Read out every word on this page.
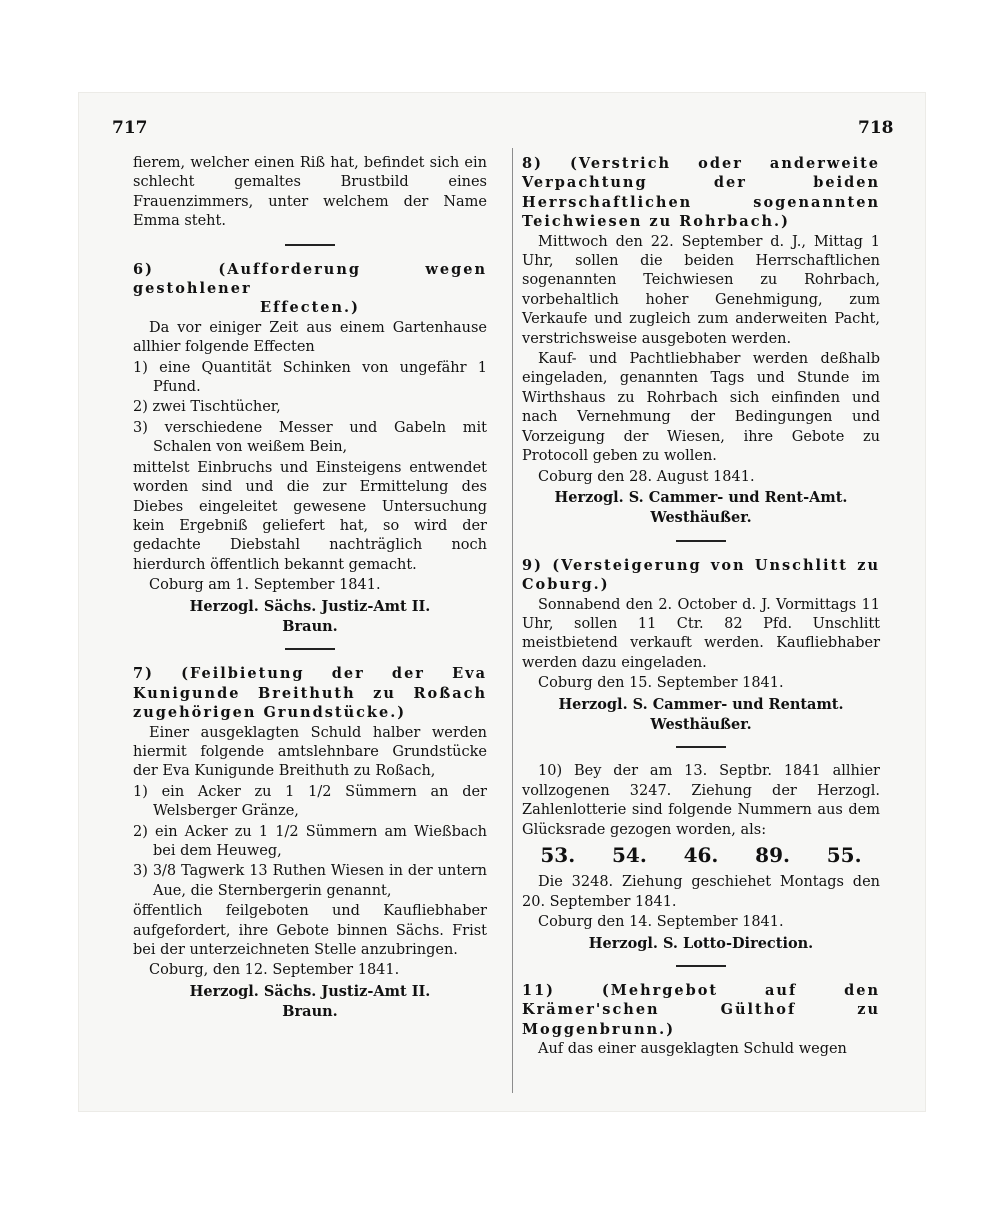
717	718

fierem, welcher einen Riß hat, befindet sich ein schlecht gemaltes Brustbild eines Frauenzimmers, unter welchem der Name Emma steht.

6) (Aufforderung wegen gestohlener
Effecten.)

Da vor einiger Zeit aus einem Gartenhause allhier folgende Effecten

1) eine Quantität Schinken von ungefähr 1 Pfund.

2) zwei Tischtücher,

3) verschiedene Messer und Gabeln mit Schalen von weißem Bein,

mittelst Einbruchs und Einsteigens entwendet worden sind und die zur Ermittelung des Diebes eingeleitet gewesene Untersuchung kein Ergebniß geliefert hat, so wird der gedachte Diebstahl nachträglich noch hierdurch öffentlich bekannt gemacht.

Coburg am 1. September 1841.

Herzogl. Sächs. Justiz-Amt II.

Braun.

7) (Feilbietung der der Eva Kunigunde Breithuth zu Roßach zugehörigen Grundstücke.)

Einer ausgeklagten Schuld halber werden hiermit folgende amtslehnbare Grundstücke der Eva Kunigunde Breithuth zu Roßach,

1) ein Acker zu 1 1/2 Sümmern an der Welsberger Gränze,

2) ein Acker zu 1 1/2 Sümmern am Wießbach bei dem Heuweg,

3) 3/8 Tagwerk 13 Ruthen Wiesen in der untern Aue, die Sternbergerin genannt,

öffentlich feilgeboten und Kaufliebhaber aufgefordert, ihre Gebote binnen Sächs. Frist bei der unterzeichneten Stelle anzubringen.

Coburg, den 12. September 1841.

Herzogl. Sächs. Justiz-Amt II.

Braun.

8) (Verstrich oder anderweite Verpachtung der beiden Herrschaftlichen sogenannten Teichwiesen zu Rohrbach.)

Mittwoch den 22. September d. J., Mittag 1 Uhr, sollen die beiden Herrschaftlichen sogenannten Teichwiesen zu Rohrbach, vorbehaltlich hoher Genehmigung, zum Verkaufe und zugleich zum anderweiten Pacht, verstrichsweise ausgeboten werden.

Kauf- und Pachtliebhaber werden deßhalb eingeladen, genannten Tags und Stunde im Wirthshaus zu Rohrbach sich einfinden und nach Vernehmung der Bedingungen und Vorzeigung der Wiesen, ihre Gebote zu Protocoll geben zu wollen.

Coburg den 28. August 1841.

Herzogl. S. Cammer- und Rent-Amt.

Westhäußer.

9) (Versteigerung von Unschlitt zu Coburg.)

Sonnabend den 2. October d. J. Vormittags 11 Uhr, sollen 11 Ctr. 82 Pfd. Unschlitt meistbietend verkauft werden. Kaufliebhaber werden dazu eingeladen.

Coburg den 15. September 1841.

Herzogl. S. Cammer- und Rentamt.

Westhäußer.

10) Bey der am 13. Septbr. 1841 allhier vollzogenen 3247. Ziehung der Herzogl. Zahlenlotterie sind folgende Nummern aus dem Glücksrade gezogen worden, als:

53. 54. 46. 89. 55.

Die 3248. Ziehung geschiehet Montags den 20. September 1841.

Coburg den 14. September 1841.

Herzogl. S. Lotto-Direction.

11) (Mehrgebot auf den Krämer'schen Gülthof zu Moggenbrunn.)

Auf das einer ausgeklagten Schuld wegen
